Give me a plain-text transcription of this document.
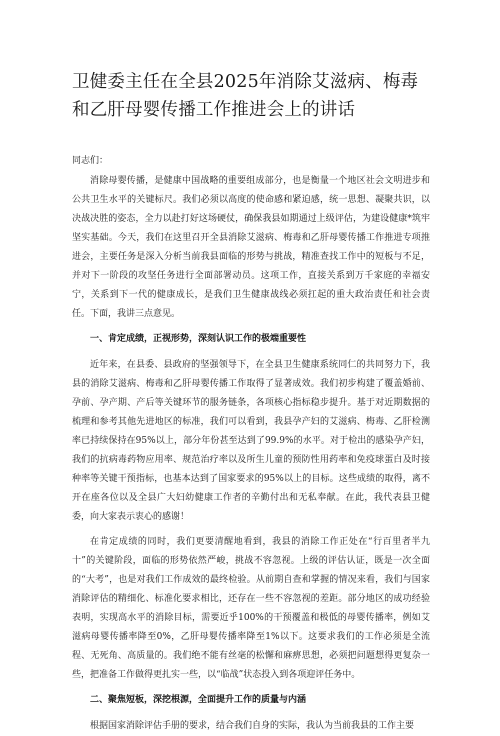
卫健委主任在全县2025年消除艾滋病、梅毒和乙肝母婴传播工作推进会上的讲话

同志们：

消除母婴传播，是健康中国战略的重要组成部分，也是衡量一个地区社会文明进步和公共卫生水平的关键标尺。我们必须以高度的使命感和紧迫感，统一思想、凝聚共识，以决战决胜的姿态，全力以赴打好这场硬仗，确保我县如期通过上级评估，为建设健康*筑牢坚实基础。今天，我们在这里召开全县消除艾滋病、梅毒和乙肝母婴传播工作推进专项推进会，主要任务是深入分析当前我县面临的形势与挑战，精准查找工作中的短板与不足，并对下一阶段的攻坚任务进行全面部署动员。这项工作，直接关系到万千家庭的幸福安宁，关系到下一代的健康成长，是我们卫生健康战线必须扛起的重大政治责任和社会责任。下面，我讲三点意见。

一、肯定成绩，正视形势，深刻认识工作的极端重要性

近年来，在县委、县政府的坚强领导下，在全县卫生健康系统同仁的共同努力下，我县的消除艾滋病、梅毒和乙肝母婴传播工作取得了显著成效。我们初步构建了覆盖婚前、孕前、孕产期、产后等关键环节的服务链条，各项核心指标稳步提升。基于对近期数据的梳理和参考其他先进地区的标准，我们可以看到，我县孕产妇的艾滋病、梅毒、乙肝检测率已持续保持在95%以上，部分年份甚至达到了99.9%的水平。对于检出的感染孕产妇，我们的抗病毒药物应用率、规范治疗率以及所生儿童的预防性用药率和免疫球蛋白及时接种率等关键干预指标，也基本达到了国家要求的95%以上的目标。这些成绩的取得，离不开在座各位以及全县广大妇幼健康工作者的辛勤付出和无私奉献。在此，我代表县卫健委，向大家表示衷心的感谢！

在肯定成绩的同时，我们更要清醒地看到，我县的消除工作正处在“行百里者半九十”的关键阶段，面临的形势依然严峻，挑战不容忽视。上级的评估认证，既是一次全面的“大考”，也是对我们工作成效的最终检验。从前期自查和掌握的情况来看，我们与国家消除评估的精细化、标准化要求相比，还存在一些不容忽视的差距。部分地区的成功经验表明，实现高水平的消除目标，需要近乎100%的干预覆盖和极低的母婴传播率，例如艾滋病母婴传播率降至0%，乙肝母婴传播率降至1%以下。这要求我们的工作必须是全流程、无死角、高质量的。我们绝不能有丝毫的松懈和麻痹思想，必须把问题想得更复杂一些，把准备工作做得更扎实一些，以“临战”状态投入到各项迎评任务中。

二、聚焦短板，深挖根源，全面提升工作的质量与内涵

根据国家消除评估手册的要求，结合我们自身的实际，我认为当前我县的工作主要
